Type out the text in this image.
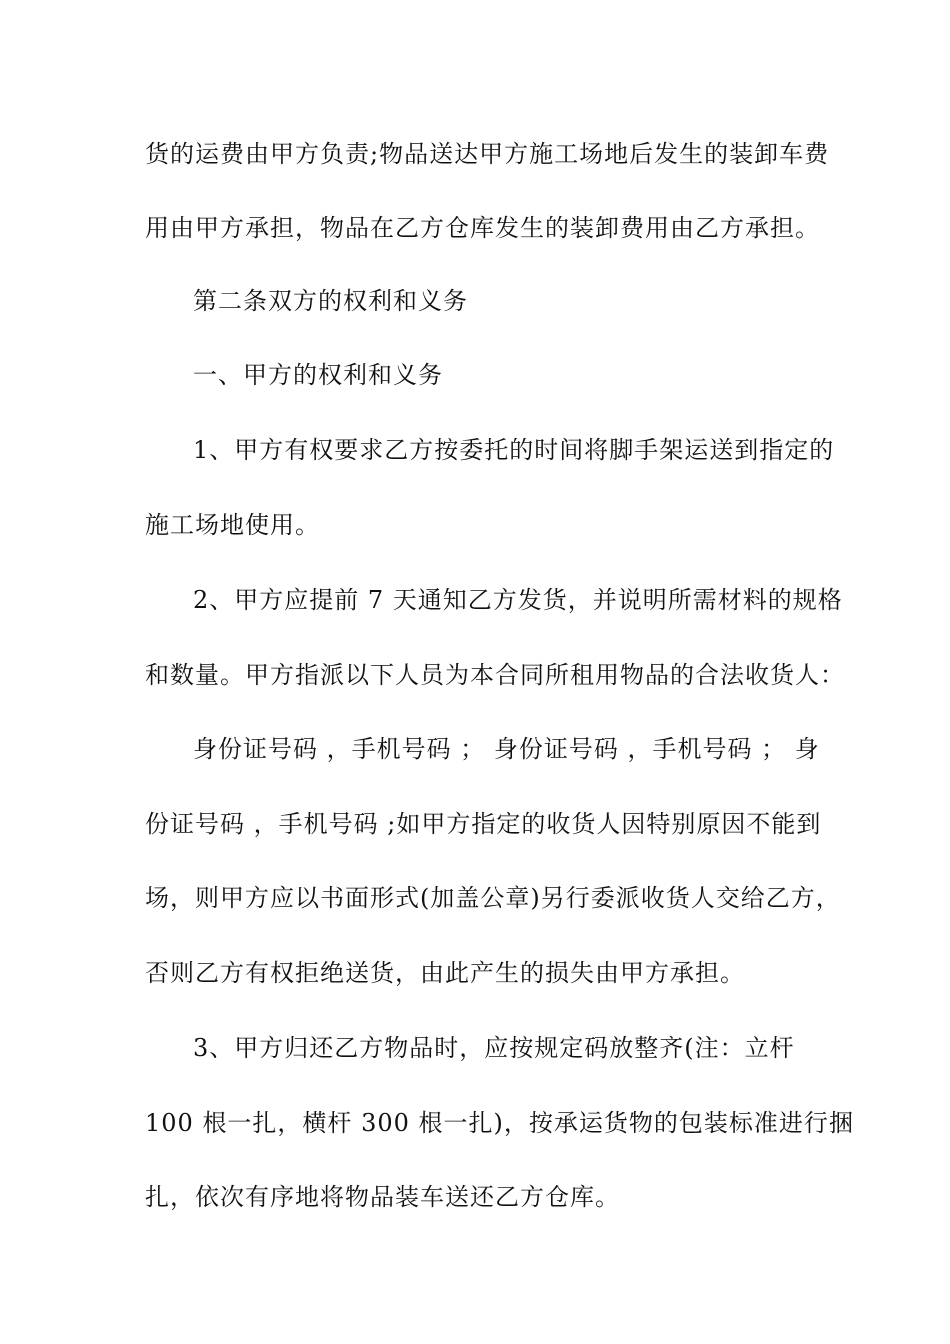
货的运费由甲方负责;物品送达甲方施工场地后发生的装卸车费
用由甲方承担，物品在乙方仓库发生的装卸费用由乙方承担。
第二条双方的权利和义务
一、甲方的权利和义务
1、甲方有权要求乙方按委托的时间将脚手架运送到指定的
施工场地使用。
2、甲方应提前 7 天通知乙方发货，并说明所需材料的规格
和数量。甲方指派以下人员为本合同所租用物品的合法收货人：
身份证号码 ，手机号码 ； 身份证号码 ，手机号码 ； 身
份证号码 ，手机号码 ;如甲方指定的收货人因特别原因不能到
场，则甲方应以书面形式(加盖公章)另行委派收货人交给乙方，
否则乙方有权拒绝送货，由此产生的损失由甲方承担。
3、甲方归还乙方物品时，应按规定码放整齐(注：立杆
100 根一扎，横杆 300 根一扎)，按承运货物的包装标准进行捆
扎，依次有序地将物品装车送还乙方仓库。
